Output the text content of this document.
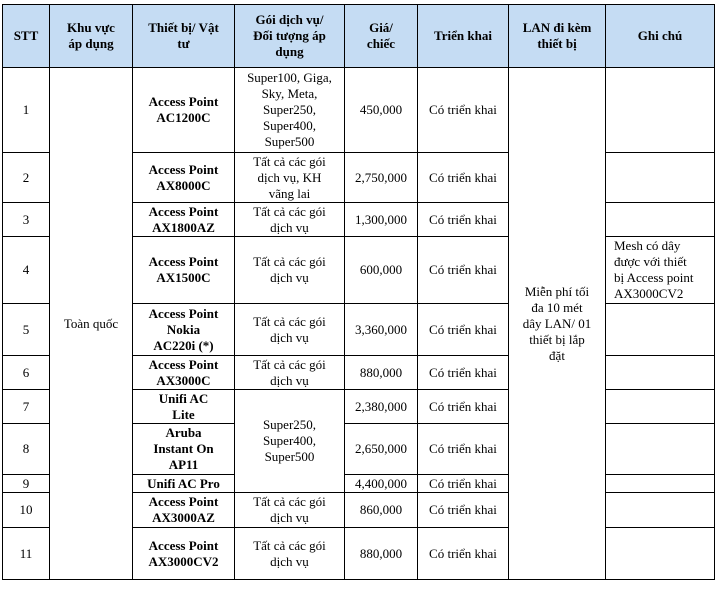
STT	Khu vực
áp dụng	Thiết bị/ Vật
tư	Gói dịch vụ/
Đối tượng áp
dụng	Giá/
chiếc	Triển khai	LAN đi kèm
thiết bị	Ghi chú

1	Toàn quốc	Access Point
AC1200C	Super100, Giga,
Sky, Meta,
Super250,
Super400,
Super500	450,000	Có triển khai	Miễn phí tối
đa 10 mét
dây LAN/ 01
thiết bị lắp
đặt	

2		Access Point
AX8000C	Tất cả các gói
dịch vụ, KH
vãng lai	2,750,000	Có triển khai		

3		Access Point
AX1800AZ	Tất cả các gói
dịch vụ	1,300,000	Có triển khai		

4		Access Point
AX1500C	Tất cả các gói
dịch vụ	600,000	Có triển khai		Mesh có dây
được với thiết
bị Access point
AX3000CV2

5		Access Point
Nokia
AC220i (*)	Tất cả các gói
dịch vụ	3,360,000	Có triển khai		

6		Access Point
AX3000C	Tất cả các gói
dịch vụ	880,000	Có triển khai		

7		Unifi AC
Lite	Super250,
Super400,
Super500	2,380,000	Có triển khai		

8		Aruba
Instant On
AP11		2,650,000	Có triển khai		

9		Unifi AC Pro		4,400,000	Có triển khai		

10		Access Point
AX3000AZ	Tất cả các gói
dịch vụ	860,000	Có triển khai		

11		Access Point
AX3000CV2	Tất cả các gói
dịch vụ	880,000	Có triển khai		
